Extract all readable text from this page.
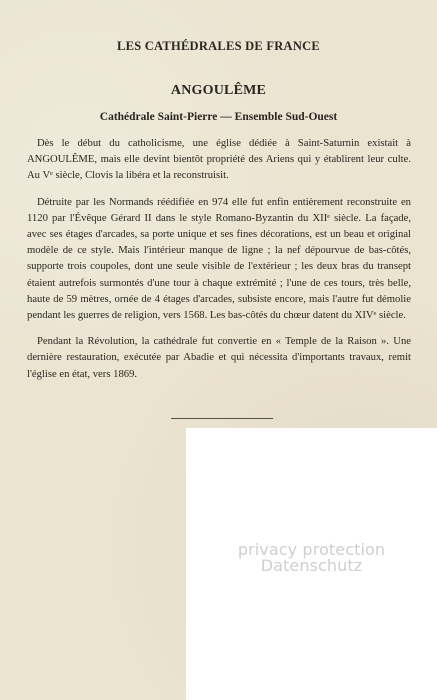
LES CATHÉDRALES DE FRANCE
ANGOULÊME
Cathédrale Saint-Pierre — Ensemble Sud-Ouest

Dès le début du catholicisme, une église dédiée à Saint-Saturnin existait à ANGOULÊME, mais elle devint bientôt propriété des Ariens qui y établirent leur culte. Au Vᵉ siècle, Clovis la libéra et la reconstruisit.

Détruite par les Normands réédifiée en 974 elle fut enfin entièrement reconstruite en 1120 par l'Évêque Gérard II dans le style Romano-Byzantin du XIIᵉ siècle. La façade, avec ses étages d'arcades, sa porte unique et ses fines décorations, est un beau et original modèle de ce style. Mais l'intérieur manque de ligne ; la nef dépourvue de bas-côtés, supporte trois coupoles, dont une seule visible de l'extérieur ; les deux bras du transept étaient autrefois surmontés d'une tour à chaque extrémité ; l'une de ces tours, très belle, haute de 59 mètres, ornée de 4 étages d'arcades, subsiste encore, mais l'autre fut démolie pendant les guerres de religion, vers 1568. Les bas-côtés du chœur datent du XIVᵉ siècle.

Pendant la Révolution, la cathédrale fut convertie en « Temple de la Raison ». Une dernière restauration, exécutée par Abadie et qui nécessita d'importants travaux, remit l'église en état, vers 1869.

privacy protection
Datenschutz
